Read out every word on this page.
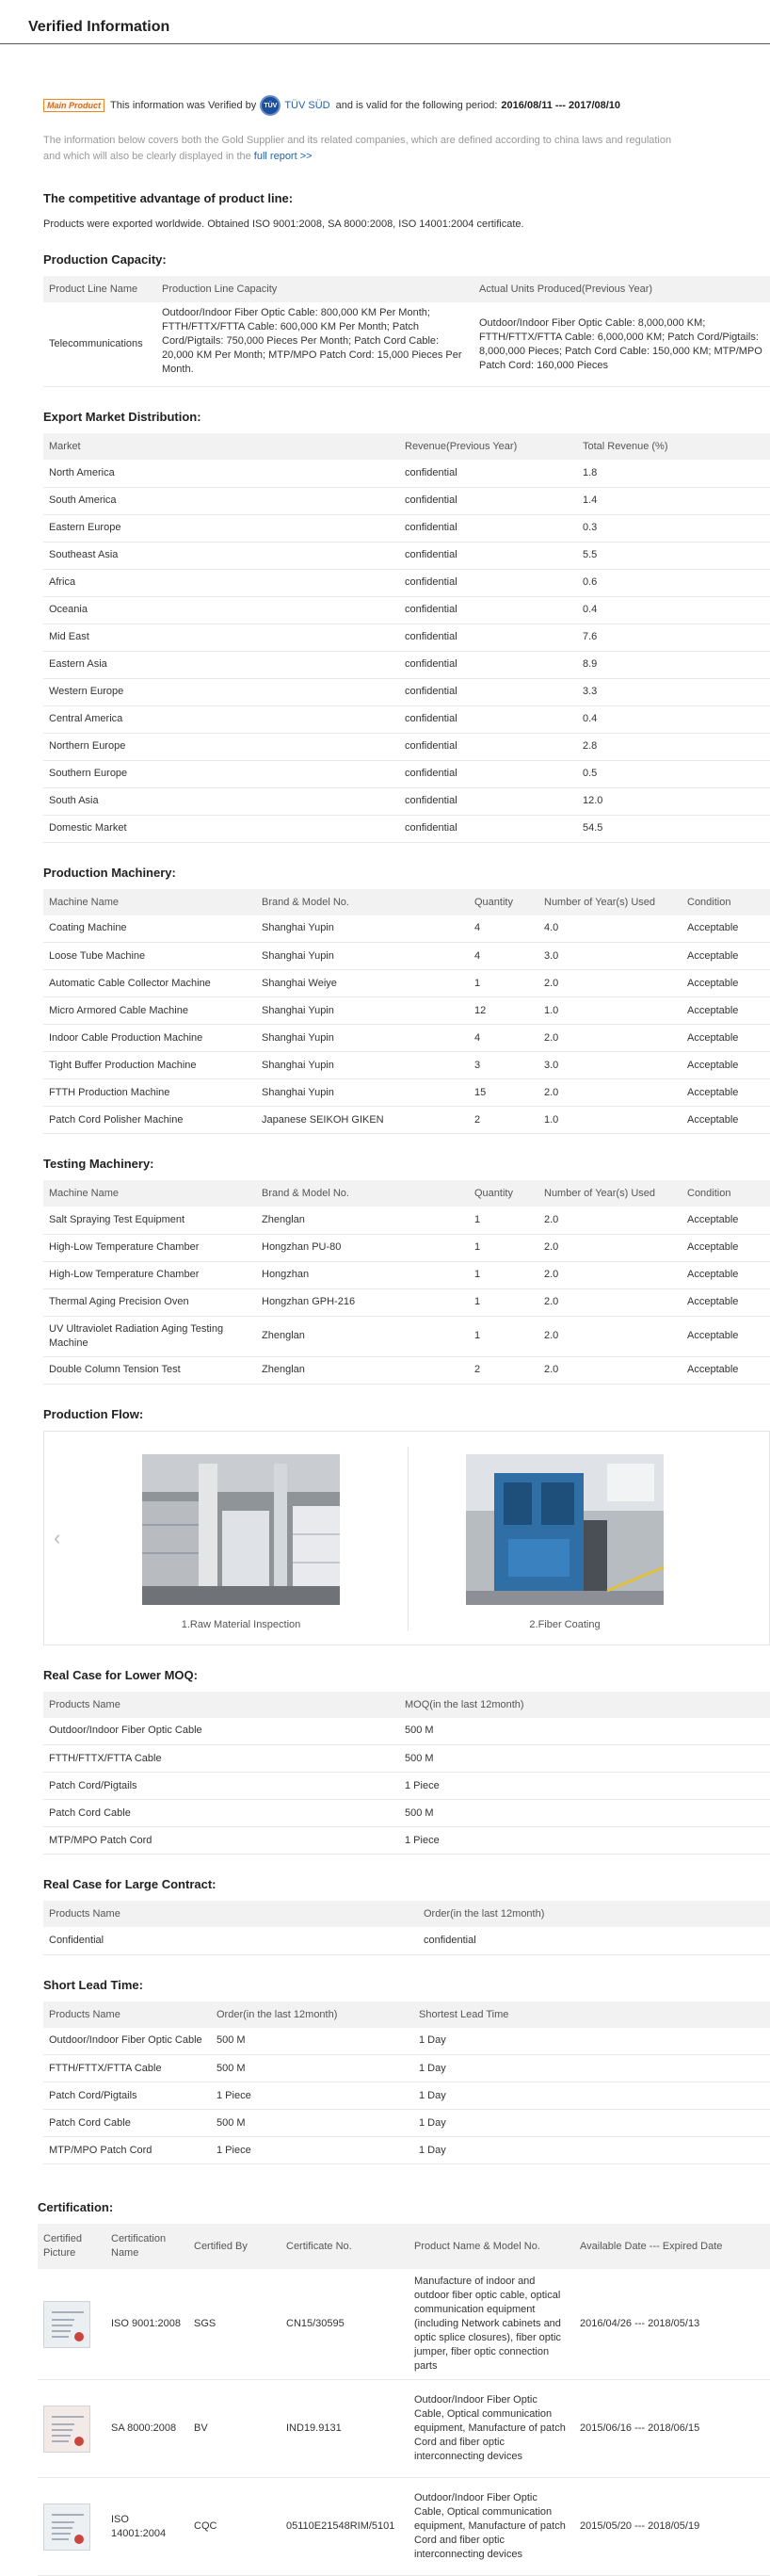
Verified Information
Main Product This information was Verified by TÜV TÜV SÜD and is valid for the following period: 2016/08/11 --- 2017/08/10
The information below covers both the Gold Supplier and its related companies, which are defined according to china laws and regulation
and which will also be clearly displayed in the full report >>
The competitive advantage of product line:
Products were exported worldwide. Obtained ISO 9001:2008, SA 8000:2008, ISO 14001:2004 certificate.
Production Capacity:
Product Line Name	Production Line Capacity	Actual Units Produced(Previous Year)
Telecommunications	Outdoor/Indoor Fiber Optic Cable: 800,000 KM Per Month; FTTH/FTTX/FTTA Cable: 600,000 KM Per Month; Patch Cord/Pigtails: 750,000 Pieces Per Month; Patch Cord Cable: 20,000 KM Per Month; MTP/MPO Patch Cord: 15,000 Pieces Per Month.	Outdoor/Indoor Fiber Optic Cable: 8,000,000 KM; FTTH/FTTX/FTTA Cable: 6,000,000 KM; Patch Cord/Pigtails: 8,000,000 Pieces; Patch Cord Cable: 150,000 KM; MTP/MPO Patch Cord: 160,000 Pieces
Export Market Distribution:
Market	Revenue(Previous Year)	Total Revenue (%)
North America	confidential	1.8
South America	confidential	1.4
Eastern Europe	confidential	0.3
Southeast Asia	confidential	5.5
Africa	confidential	0.6
Oceania	confidential	0.4
Mid East	confidential	7.6
Eastern Asia	confidential	8.9
Western Europe	confidential	3.3
Central America	confidential	0.4
Northern Europe	confidential	2.8
Southern Europe	confidential	0.5
South Asia	confidential	12.0
Domestic Market	confidential	54.5
Production Machinery:
Machine Name	Brand & Model No.	Quantity	Number of Year(s) Used	Condition
Coating Machine	Shanghai Yupin	4	4.0	Acceptable
Loose Tube Machine	Shanghai Yupin	4	3.0	Acceptable
Automatic Cable Collector Machine	Shanghai Weiye	1	2.0	Acceptable
Micro Armored Cable Machine	Shanghai Yupin	12	1.0	Acceptable
Indoor Cable Production Machine	Shanghai Yupin	4	2.0	Acceptable
Tight Buffer Production Machine	Shanghai Yupin	3	3.0	Acceptable
FTTH Production Machine	Shanghai Yupin	15	2.0	Acceptable
Patch Cord Polisher Machine	Japanese SEIKOH GIKEN	2	1.0	Acceptable
Testing Machinery:
Machine Name	Brand & Model No.	Quantity	Number of Year(s) Used	Condition
Salt Spraying Test Equipment	Zhenglan	1	2.0	Acceptable
High-Low Temperature Chamber	Hongzhan PU-80	1	2.0	Acceptable
High-Low Temperature Chamber	Hongzhan	1	2.0	Acceptable
Thermal Aging Precision Oven	Hongzhan GPH-216	1	2.0	Acceptable
UV Ultraviolet Radiation Aging Testing Machine	Zhenglan	1	2.0	Acceptable
Double Column Tension Test	Zhenglan	2	2.0	Acceptable
Production Flow:
‹
1.Raw Material Inspection	2.Fiber Coating
Real Case for Lower MOQ:
Products Name	MOQ(in the last 12month)
Outdoor/Indoor Fiber Optic Cable	500 M
FTTH/FTTX/FTTA Cable	500 M
Patch Cord/Pigtails	1 Piece
Patch Cord Cable	500 M
MTP/MPO Patch Cord	1 Piece
Real Case for Large Contract:
Products Name	Order(in the last 12month)
Confidential	confidential
Short Lead Time:
Products Name	Order(in the last 12month)	Shortest Lead Time
Outdoor/Indoor Fiber Optic Cable	500 M	1 Day
FTTH/FTTX/FTTA Cable	500 M	1 Day
Patch Cord/Pigtails	1 Piece	1 Day
Patch Cord Cable	500 M	1 Day
MTP/MPO Patch Cord	1 Piece	1 Day
Certification:
Certified Picture	Certification Name	Certified By	Certificate No.	Product Name & Model No.	Available Date --- Expired Date

	ISO 9001:2008	SGS	CN15/30595	Manufacture of indoor and outdoor fiber optic cable, optical communication equipment (including Network cabinets and optic splice closures), fiber optic jumper, fiber optic connection parts	2016/04/26 --- 2018/05/13

	SA 8000:2008	BV	IND19.9131	Outdoor/Indoor Fiber Optic Cable, Optical communication equipment, Manufacture of patch Cord and fiber optic interconnecting devices	2015/06/16 --- 2018/06/15

	ISO 14001:2004	CQC	05110E21548RIM/5101	Outdoor/Indoor Fiber Optic Cable, Optical communication equipment, Manufacture of patch Cord and fiber optic interconnecting devices	2015/05/20 --- 2018/05/19
